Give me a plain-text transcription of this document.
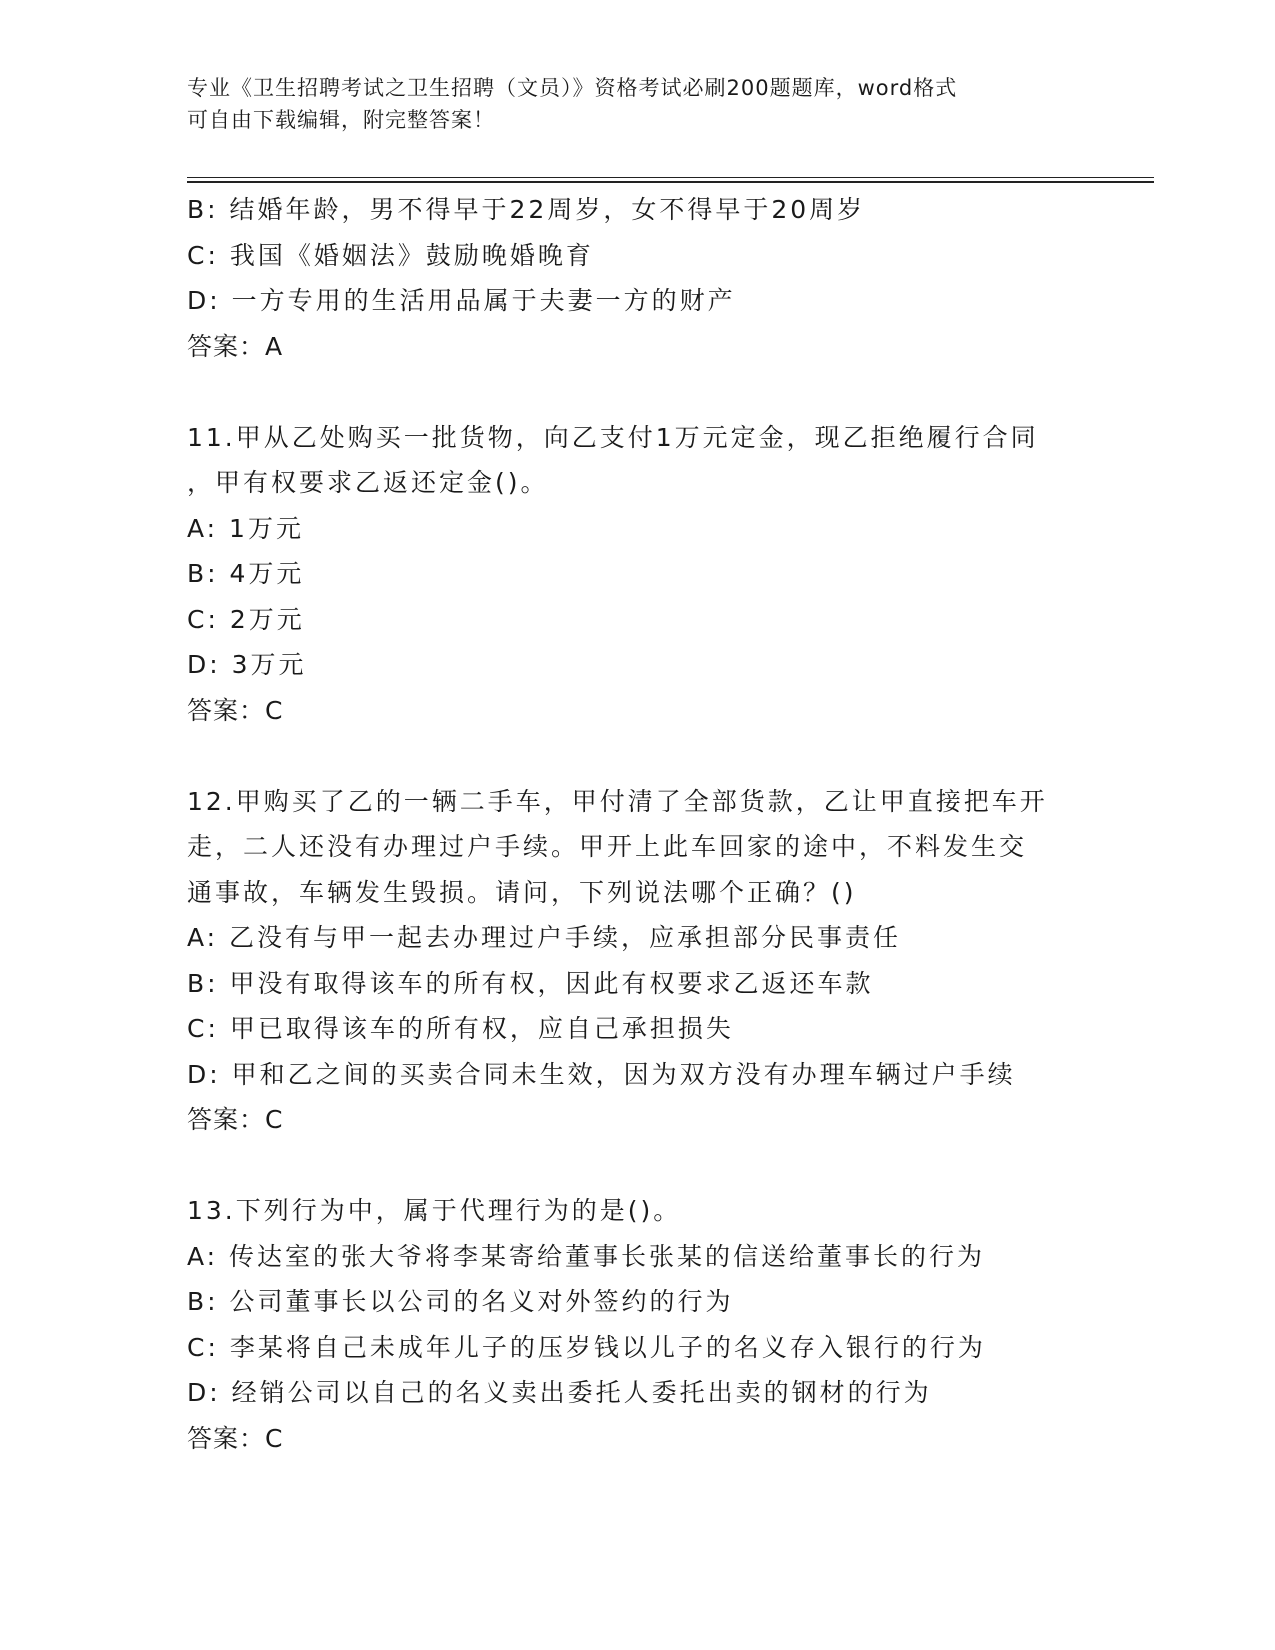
专业《卫生招聘考试之卫生招聘（文员）》资格考试必刷200题题库，word格式
可自由下载编辑，附完整答案！
B: 结婚年龄，男不得早于22周岁，女不得早于20周岁
C: 我国《婚姻法》鼓励晚婚晚育
D: 一方专用的生活用品属于夫妻一方的财产
答案：A
11.甲从乙处购买一批货物，向乙支付1万元定金，现乙拒绝履行合同
，甲有权要求乙返还定金()。
A: 1万元
B: 4万元
C: 2万元
D: 3万元
答案：C
12.甲购买了乙的一辆二手车，甲付清了全部货款，乙让甲直接把车开
走，二人还没有办理过户手续。甲开上此车回家的途中，不料发生交
通事故，车辆发生毁损。请问，下列说法哪个正确？()
A: 乙没有与甲一起去办理过户手续，应承担部分民事责任
B: 甲没有取得该车的所有权，因此有权要求乙返还车款
C: 甲已取得该车的所有权，应自己承担损失
D: 甲和乙之间的买卖合同未生效，因为双方没有办理车辆过户手续
答案：C
13.下列行为中，属于代理行为的是()。
A: 传达室的张大爷将李某寄给董事长张某的信送给董事长的行为
B: 公司董事长以公司的名义对外签约的行为
C: 李某将自己未成年儿子的压岁钱以儿子的名义存入银行的行为
D: 经销公司以自己的名义卖出委托人委托出卖的钢材的行为
答案：C
